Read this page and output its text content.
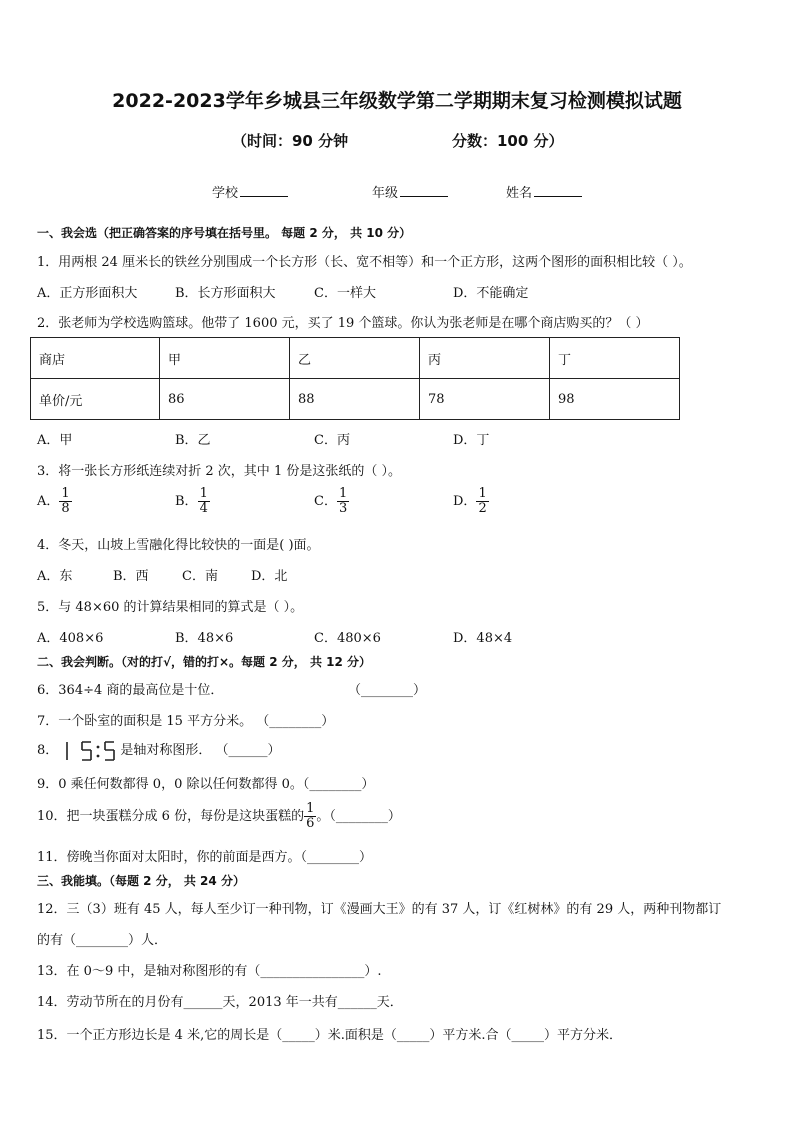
2022-2023学年乡城县三年级数学第二学期期末复习检测模拟试题
（时间：90 分钟	分数：100 分）
学校	年级	姓名
一、我会选（把正确答案的序号填在括号里。 每题 2 分， 共 10 分）
1．用两根 24 厘米长的铁丝分别围成一个长方形（长、宽不相等）和一个正方形，这两个图形的面积相比较（ ）。
A．正方形面积大	B．长方形面积大	C．一样大	D．不能确定
2．张老师为学校选购篮球。他带了 1600 元，买了 19 个篮球。你认为张老师是在哪个商店购买的？（ ）
商店	甲	乙	丙	丁
单价/元	86	88	78	98
A．甲	B．乙	C．丙	D．丁
3．将一张长方形纸连续对折 2 次，其中 1 份是这张纸的（ ）。
A． $\frac{1}{8}$	B． $\frac{1}{4}$	C． $\frac{1}{3}$	D． $\frac{1}{2}$
4．冬天，山坡上雪融化得比较快的一面是( )面。
A．东	B．西	C．南	D．北
5．与 48×60 的计算结果相同的算式是（ ）。
A．408×6	B．48×6	C．480×6	D．48×4
二、我会判断。（对的打√，错的打×。每题 2 分， 共 12 分）
6．364÷4 商的最高位是十位．	（________）
7．一个卧室的面积是 15 平方分米。 （________）
8．	是轴对称图形． （______）
9．0 乘任何数都得 0，0 除以任何数都得 0。（________）
10．把一块蛋糕分成 6 份，每份是这块蛋糕的 $\frac{1}{6}$ 。（________）
11．傍晚当你面对太阳时，你的前面是西方。（________）
三、我能填。（每题 2 分， 共 24 分）
12．三（3）班有 45 人，每人至少订一种刊物，订《漫画大王》的有 37 人，订《红树林》的有 29 人，两种刊物都订
的有（________）人．
13．在 0～9 中，是轴对称图形的有（________________）.
14．劳动节所在的月份有______天，2013 年一共有______天．
15．一个正方形边长是 4 米,它的周长是（_____）米.面积是（_____）平方米.合（_____）平方分米．
